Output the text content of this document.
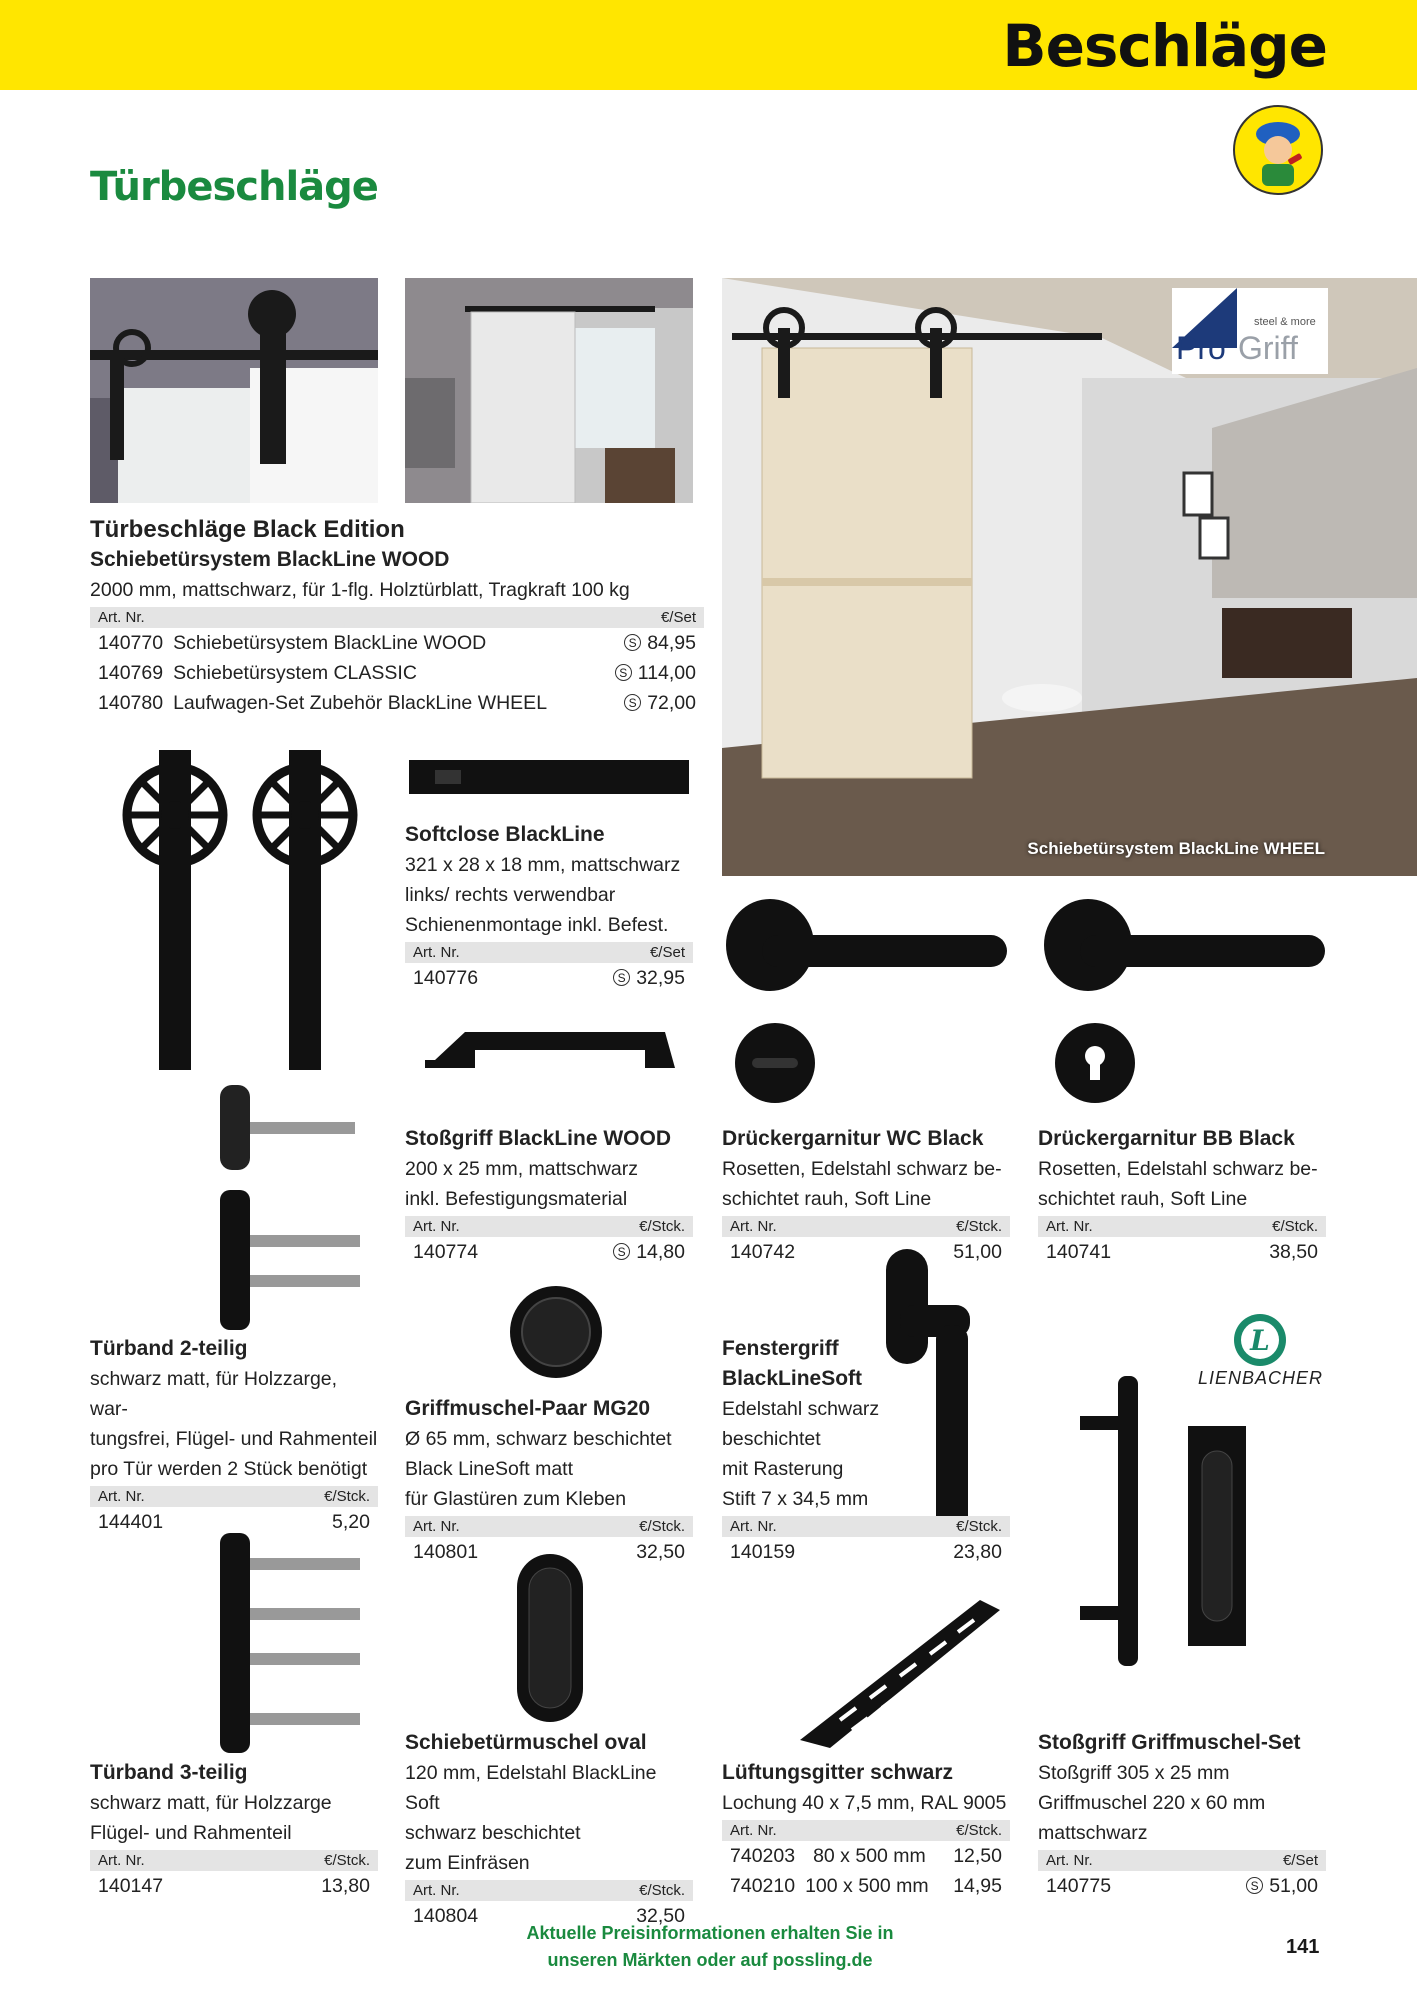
Beschläge
Türbeschläge
steel & more
Pro Griff
Schiebetürsystem BlackLine WHEEL
Türbeschläge Black Edition
Schiebetürsystem BlackLine WOOD
2000 mm, mattschwarz, für 1-flg. Holztürblatt, Tragkraft 100 kg
Art. Nr.	€/Set
140770 Schiebetürsystem BlackLine WOOD	S 84,95
140769 Schiebetürsystem CLASSIC	S 114,00
140780 Laufwagen-Set Zubehör BlackLine WHEEL	S 72,00
Softclose BlackLine
321 x 28 x 18 mm, mattschwarz
links/ rechts verwendbar
Schienenmontage inkl. Befest.
Art. Nr.	€/Set
140776	S 32,95
Stoßgriff BlackLine WOOD
200 x 25 mm, mattschwarz
inkl. Befestigungsmaterial
Art. Nr.	€/Stck.
140774	S 14,80
Drückergarnitur WC Black
Rosetten, Edelstahl schwarz be-
schichtet rauh, Soft Line
Art. Nr.	€/Stck.
140742	51,00
Drückergarnitur BB Black
Rosetten, Edelstahl schwarz be-
schichtet rauh, Soft Line
Art. Nr.	€/Stck.
140741	38,50
L
LIENBACHER
Türband 2-teilig
schwarz matt, für Holzzarge, war-
tungsfrei, Flügel- und Rahmenteil
pro Tür werden 2 Stück benötigt
Art. Nr.	€/Stck.
144401	5,20
Griffmuschel-Paar MG20
Ø 65 mm, schwarz beschichtet
Black LineSoft matt
für Glastüren zum Kleben
Art. Nr.	€/Stck.
140801	32,50
Fenstergriff
BlackLineSoft
Edelstahl schwarz
beschichtet
mit Rasterung
Stift 7 x 34,5 mm
Art. Nr.	€/Stck.
140159	23,80
Türband 3-teilig
schwarz matt, für Holzzarge
Flügel- und Rahmenteil
Art. Nr.	€/Stck.
140147	13,80
Schiebetürmuschel oval
120 mm, Edelstahl BlackLine Soft
schwarz beschichtet
zum Einfräsen
Art. Nr.	€/Stck.
140804	32,50
Lüftungsgitter schwarz
Lochung 40 x 7,5 mm, RAL 9005
Art. Nr.	€/Stck.
740203 80 x 500 mm 12,50
740210 100 x 500 mm 14,95
Stoßgriff Griffmuschel-Set
Stoßgriff 305 x 25 mm
Griffmuschel 220 x 60 mm
mattschwarz
Art. Nr.	€/Set
140775	S 51,00
Aktuelle Preisinformationen erhalten Sie in
unseren Märkten oder auf possling.de
141
